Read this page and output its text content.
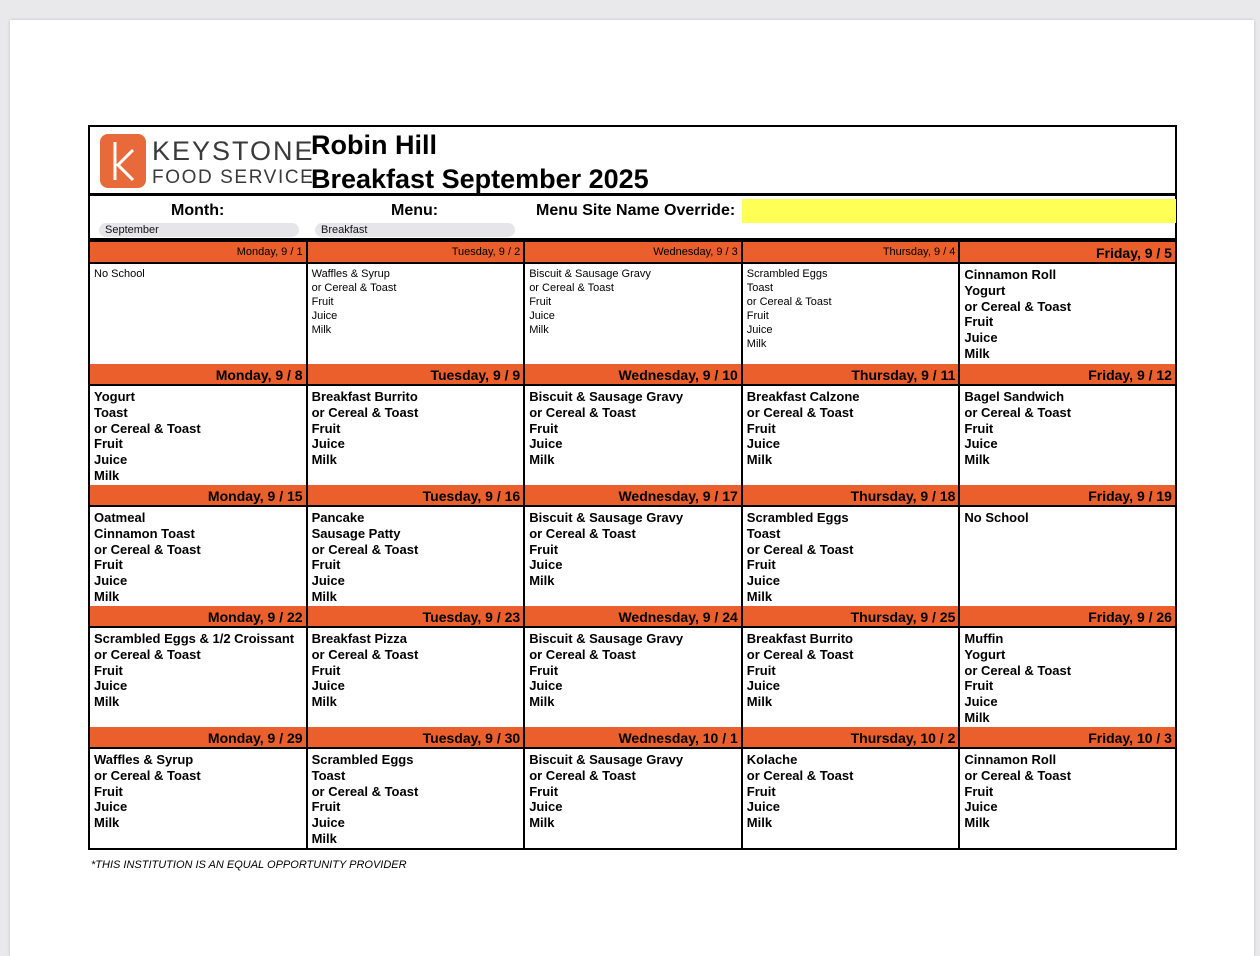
KEYSTONE
FOOD SERVICE
Robin Hill
Breakfast September 2025
Month:
September
Menu:
Breakfast
Menu Site Name Override:
Monday, 9 / 1
No School
Tuesday, 9 / 2
Waffles & Syrup
or Cereal & Toast
Fruit
Juice
Milk
Wednesday, 9 / 3
Biscuit & Sausage Gravy
or Cereal & Toast
Fruit
Juice
Milk
Thursday, 9 / 4
Scrambled Eggs
Toast
or Cereal & Toast
Fruit
Juice
Milk
Friday, 9 / 5
Cinnamon Roll
Yogurt
or Cereal & Toast
Fruit
Juice
Milk
Monday, 9 / 8
Yogurt
Toast
or Cereal & Toast
Fruit
Juice
Milk
Tuesday, 9 / 9
Breakfast Burrito
or Cereal & Toast
Fruit
Juice
Milk
Wednesday, 9 / 10
Biscuit & Sausage Gravy
or Cereal & Toast
Fruit
Juice
Milk
Thursday, 9 / 11
Breakfast Calzone
or Cereal & Toast
Fruit
Juice
Milk
Friday, 9 / 12
Bagel Sandwich
or Cereal & Toast
Fruit
Juice
Milk
Monday, 9 / 15
Oatmeal
Cinnamon Toast
or Cereal & Toast
Fruit
Juice
Milk
Tuesday, 9 / 16
Pancake
Sausage Patty
or Cereal & Toast
Fruit
Juice
Milk
Wednesday, 9 / 17
Biscuit & Sausage Gravy
or Cereal & Toast
Fruit
Juice
Milk
Thursday, 9 / 18
Scrambled Eggs
Toast
or Cereal & Toast
Fruit
Juice
Milk
Friday, 9 / 19
No School
Monday, 9 / 22
Scrambled Eggs & 1/2 Croissant
or Cereal & Toast
Fruit
Juice
Milk
Tuesday, 9 / 23
Breakfast Pizza
or Cereal & Toast
Fruit
Juice
Milk
Wednesday, 9 / 24
Biscuit & Sausage Gravy
or Cereal & Toast
Fruit
Juice
Milk
Thursday, 9 / 25
Breakfast Burrito
or Cereal & Toast
Fruit
Juice
Milk
Friday, 9 / 26
Muffin
Yogurt
or Cereal & Toast
Fruit
Juice
Milk
Monday, 9 / 29
Waffles & Syrup
or Cereal & Toast
Fruit
Juice
Milk
Tuesday, 9 / 30
Scrambled Eggs
Toast
or Cereal & Toast
Fruit
Juice
Milk
Wednesday, 10 / 1
Biscuit & Sausage Gravy
or Cereal & Toast
Fruit
Juice
Milk
Thursday, 10 / 2
Kolache
or Cereal & Toast
Fruit
Juice
Milk
Friday, 10 / 3
Cinnamon Roll
or Cereal & Toast
Fruit
Juice
Milk
*THIS INSTITUTION IS AN EQUAL OPPORTUNITY PROVIDER
